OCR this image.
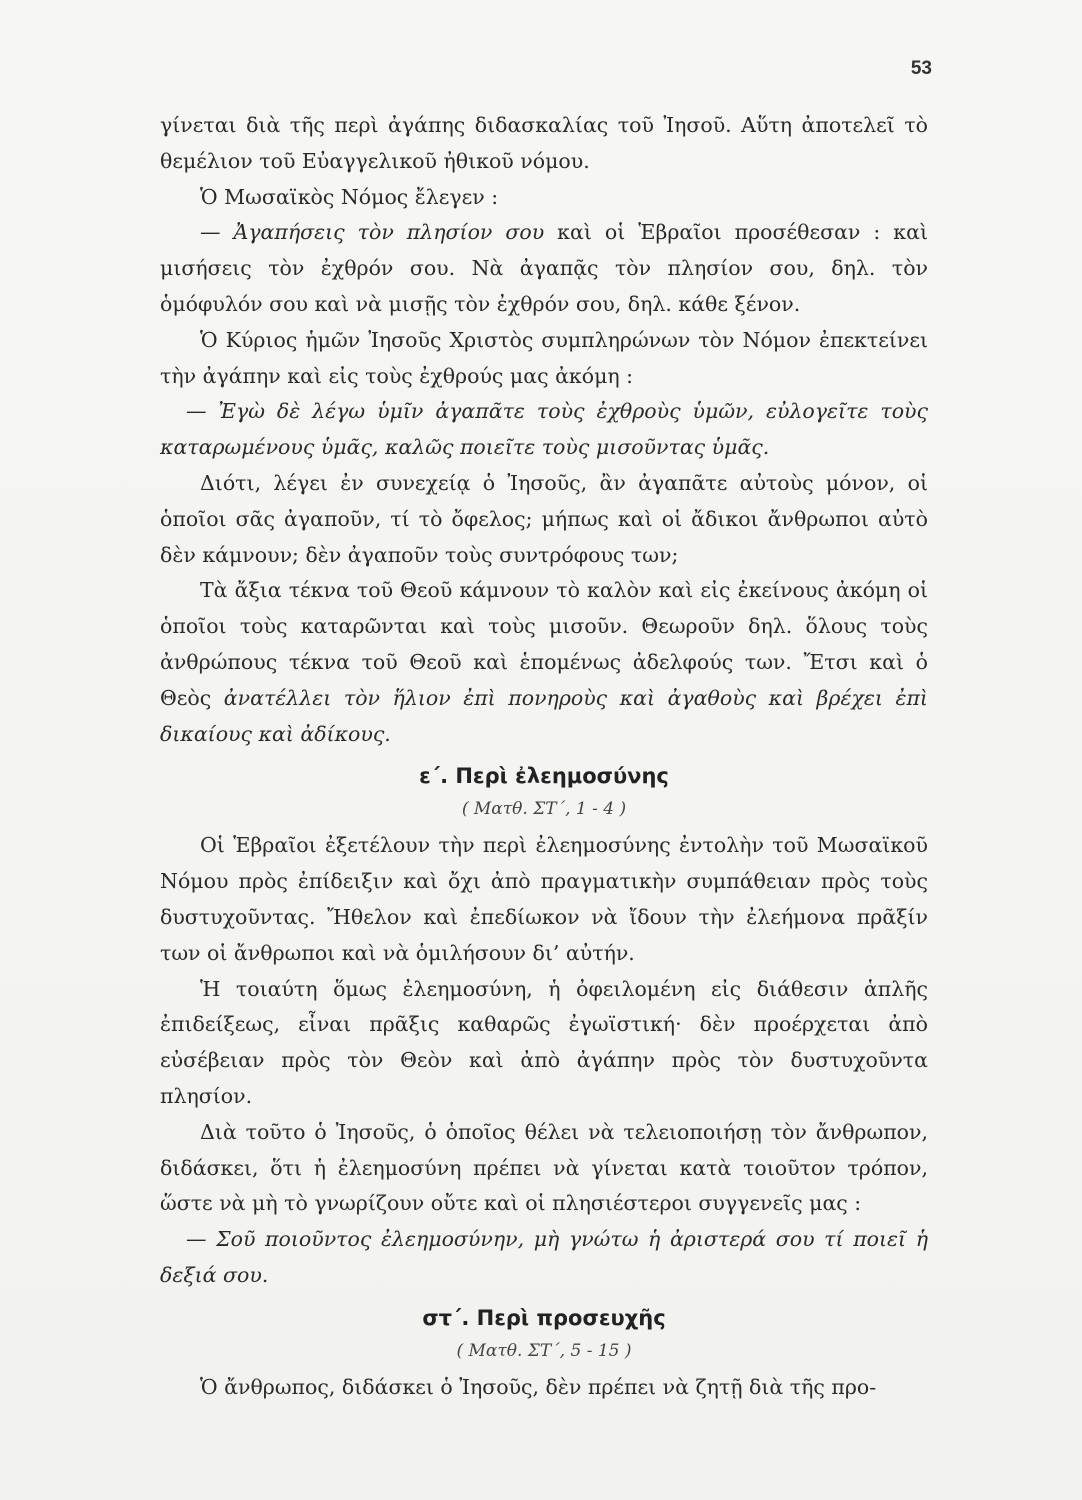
53

γίνεται διὰ τῆς περὶ ἀγάπης διδασκαλίας τοῦ Ἰησοῦ. Αὕτη ἀποτελεῖ τὸ θεμέλιον τοῦ Εὐαγγελικοῦ ἠθικοῦ νόμου.

Ὁ Μωσαϊκὸς Νόμος ἔλεγεν :

— Ἀγαπήσεις τὸν πλησίον σου καὶ οἱ Ἑβραῖοι προσέθεσαν : καὶ μισήσεις τὸν ἐχθρόν σου. Νὰ ἀγαπᾷς τὸν πλησίον σου, δηλ. τὸν ὁμόφυλόν σου καὶ νὰ μισῇς τὸν ἐχθρόν σου, δηλ. κάθε ξένον.

Ὁ Κύριος ἡμῶν Ἰησοῦς Χριστὸς συμπληρώνων τὸν Νόμον ἐπεκτείνει τὴν ἀγάπην καὶ εἰς τοὺς ἐχθρούς μας ἀκόμη :

— Ἐγὼ δὲ λέγω ὑμῖν ἀγαπᾶτε τοὺς ἐχθροὺς ὑμῶν, εὐλογεῖτε τοὺς καταρωμένους ὑμᾶς, καλῶς ποιεῖτε τοὺς μισοῦντας ὑμᾶς.

Διότι, λέγει ἐν συνεχείᾳ ὁ Ἰησοῦς, ἂν ἀγαπᾶτε αὐτοὺς μόνον, οἱ ὁποῖοι σᾶς ἀγαποῦν, τί τὸ ὄφελος; μήπως καὶ οἱ ἄδικοι ἄνθρωποι αὐτὸ δὲν κάμνουν; δὲν ἀγαποῦν τοὺς συντρόφους των;

Τὰ ἄξια τέκνα τοῦ Θεοῦ κάμνουν τὸ καλὸν καὶ εἰς ἐκείνους ἀκόμη οἱ ὁποῖοι τοὺς καταρῶνται καὶ τοὺς μισοῦν. Θεωροῦν δηλ. ὅλους τοὺς ἀνθρώπους τέκνα τοῦ Θεοῦ καὶ ἑπομένως ἀδελφούς των. Ἔτσι καὶ ὁ Θεὸς ἀνατέλλει τὸν ἥλιον ἐπὶ πονηροὺς καὶ ἀγαθοὺς καὶ βρέχει ἐπὶ δικαίους καὶ ἀδίκους.

ε΄. Περὶ ἐλεημοσύνης
( Ματθ. ΣΤ΄, 1 - 4 )

Οἱ Ἑβραῖοι ἐξετέλουν τὴν περὶ ἐλεημοσύνης ἐντολὴν τοῦ Μωσαϊκοῦ Νόμου πρὸς ἐπίδειξιν καὶ ὄχι ἀπὸ πραγματικὴν συμπάθειαν πρὸς τοὺς δυστυχοῦντας. Ἤθελον καὶ ἐπεδίωκον νὰ ἴδουν τὴν ἐλεήμονα πρᾶξίν των οἱ ἄνθρωποι καὶ νὰ ὁμιλήσουν δι’ αὐτήν.

Ἡ τοιαύτη ὅμως ἐλεημοσύνη, ἡ ὀφειλομένη εἰς διάθεσιν ἁπλῆς ἐπιδείξεως, εἶναι πρᾶξις καθαρῶς ἐγωϊστική· δὲν προέρχεται ἀπὸ εὐσέβειαν πρὸς τὸν Θεὸν καὶ ἀπὸ ἀγάπην πρὸς τὸν δυστυχοῦντα πλησίον.

Διὰ τοῦτο ὁ Ἰησοῦς, ὁ ὁποῖος θέλει νὰ τελειοποιήσῃ τὸν ἄνθρωπον, διδάσκει, ὅτι ἡ ἐλεημοσύνη πρέπει νὰ γίνεται κατὰ τοιοῦτον τρόπον, ὥστε νὰ μὴ τὸ γνωρίζουν οὔτε καὶ οἱ πλησιέστεροι συγγενεῖς μας :

— Σοῦ ποιοῦντος ἐλεημοσύνην, μὴ γνώτω ἡ ἀριστερά σου τί ποιεῖ ἡ δεξιά σου.

στ΄. Περὶ προσευχῆς
( Ματθ. ΣΤ΄, 5 - 15 )

Ὁ ἄνθρωπος, διδάσκει ὁ Ἰησοῦς, δὲν πρέπει νὰ ζητῇ διὰ τῆς προ-
